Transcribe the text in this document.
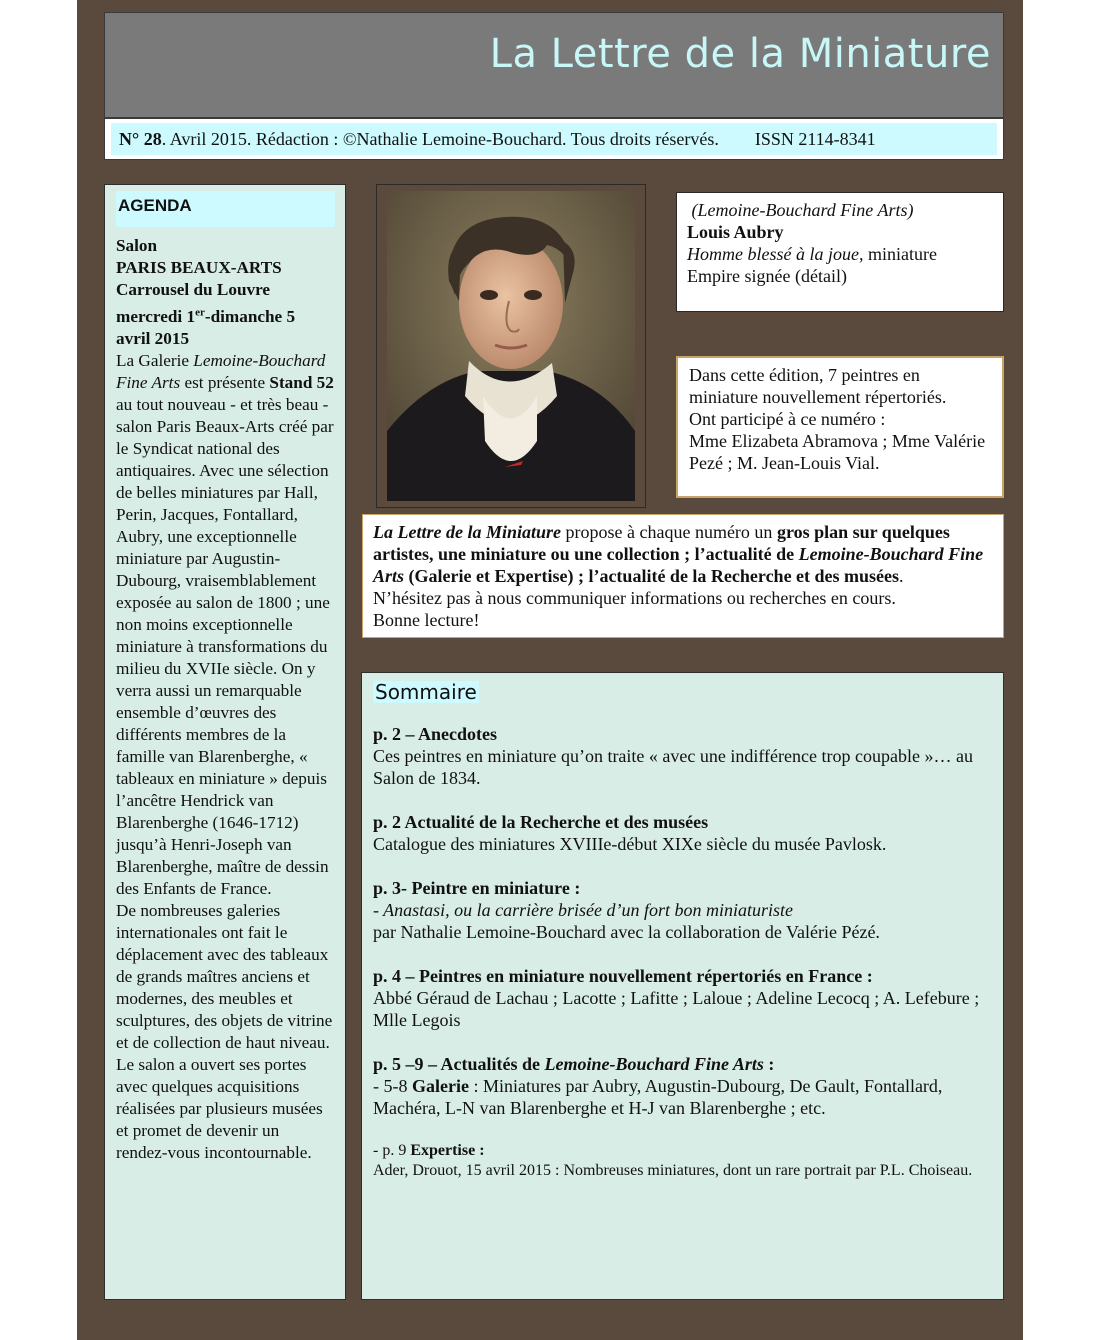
La Lettre de la Miniature
N° 28. Avril 2015. Rédaction : ©Nathalie Lemoine-Bouchard. Tous droits réservés. ISSN 2114-8341
AGENDA

Salon

PARIS BEAUX-ARTS

Carrousel du Louvre

mercredi 1er-dimanche 5

avril 2015

La Galerie Lemoine-Bouchard Fine Arts est présente Stand 52 au tout nouveau - et très beau - salon Paris Beaux-Arts créé par le Syndicat national des antiquaires. Avec une sélection de belles miniatures par Hall, Perin, Jacques, Fontallard, Aubry, une exceptionnelle miniature par Augustin-Dubourg, vraisemblablement exposée au salon de 1800 ; une non moins exceptionnelle miniature à transformations du milieu du XVIIe siècle. On y verra aussi un remarquable ensemble d’œuvres des différents membres de la famille van Blarenberghe, « tableaux en miniature » depuis l’ancêtre Hendrick van Blarenberghe (1646-1712) jusqu’à Henri-Joseph van Blarenberghe, maître de dessin des Enfants de France.

De nombreuses galeries internationales ont fait le déplacement avec des tableaux de grands maîtres anciens et modernes, des meubles et sculptures, des objets de vitrine et de collection de haut niveau.

Le salon a ouvert ses portes avec quelques acquisitions réalisées par plusieurs musées et promet de devenir un rendez-vous incontournable.

(Lemoine-Bouchard Fine Arts)
Louis Aubry
Homme blessé à la joue, miniature Empire signée (détail)
Dans cette édition, 7 peintres en miniature nouvellement répertoriés.
Ont participé à ce numéro :
Mme Elizabeta Abramova ; Mme Valérie Pezé ; M. Jean-Louis Vial.

La Lettre de la Miniature propose à chaque numéro un gros plan sur quelques artistes, une miniature ou une collection ; l’actualité de Lemoine-Bouchard Fine Arts (Galerie et Expertise) ; l’actualité de la Recherche et des musées.

N’hésitez pas à nous communiquer informations ou recherches en cours.

Bonne lecture!

Sommaire

p. 2 – Anecdotes

Ces peintres en miniature qu’on traite « avec une indifférence trop coupable »… au Salon de 1834.

p. 2 Actualité de la Recherche et des musées

Catalogue des miniatures XVIIIe-début XIXe siècle du musée Pavlosk.

p. 3- Peintre en miniature :

- Anastasi, ou la carrière brisée d’un fort bon miniaturiste

par Nathalie Lemoine-Bouchard avec la collaboration de Valérie Pézé.

p. 4 – Peintres en miniature nouvellement répertoriés en France :

Abbé Géraud de Lachau ; Lacotte ; Lafitte ; Laloue ; Adeline Lecocq ; A. Lefebure ; Mlle Legois

p. 5 –9 – Actualités de Lemoine-Bouchard Fine Arts :

- 5-8 Galerie : Miniatures par Aubry, Augustin-Dubourg, De Gault, Fontallard, Machéra, L-N van Blarenberghe et H-J van Blarenberghe ; etc.

- p. 9 Expertise :

Ader, Drouot, 15 avril 2015 : Nombreuses miniatures, dont un rare portrait par P.L. Choiseau.
